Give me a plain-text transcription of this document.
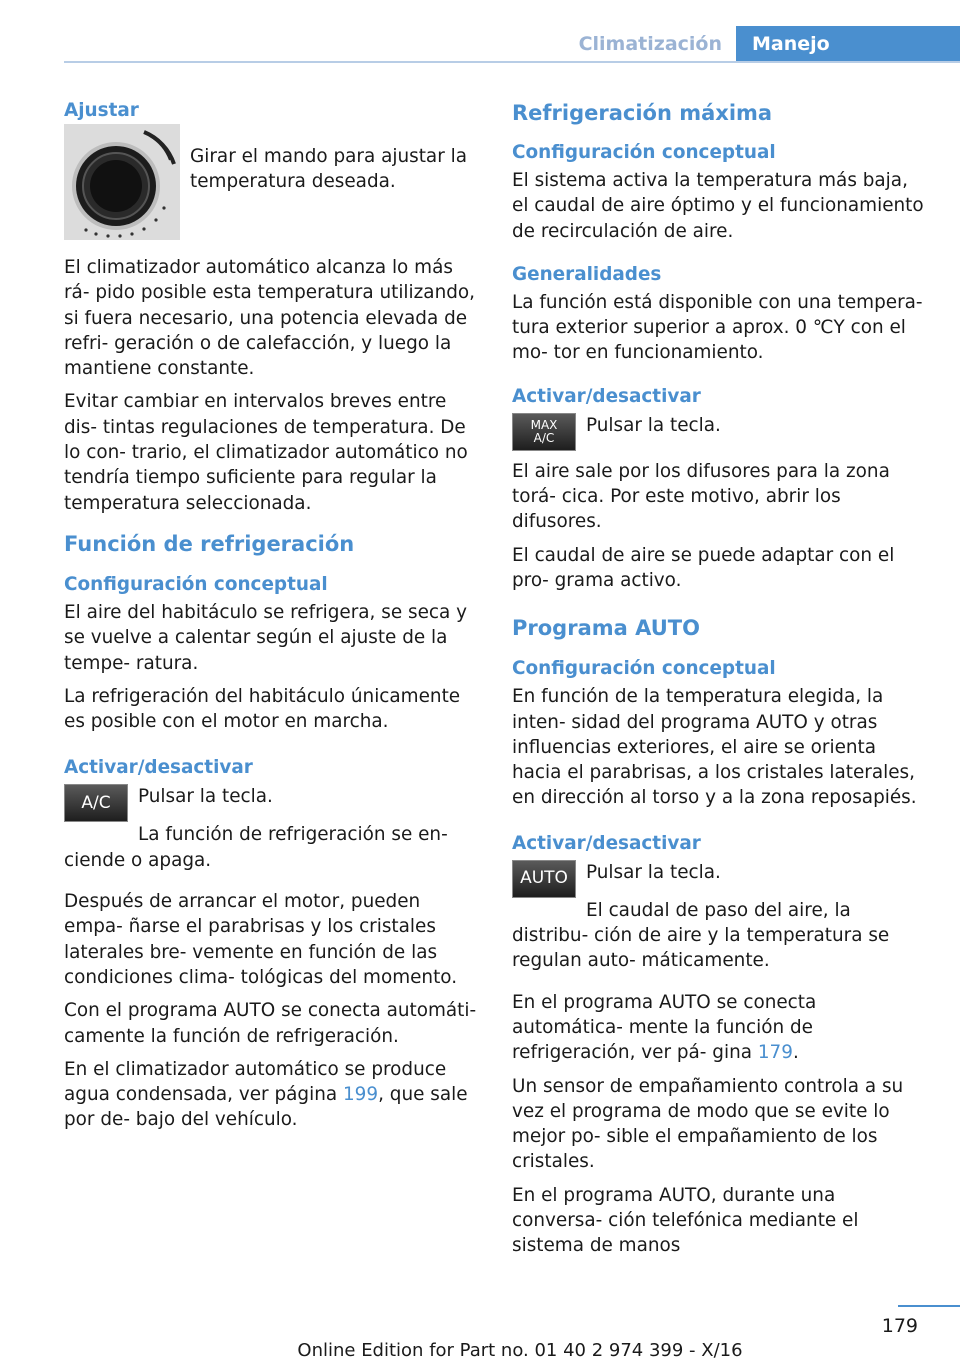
Climatización	Manejo
Ajustar
Girar el mando para ajustar la temperatura deseada.

El climatizador automático alcanza lo más rá‐ pido posible esta temperatura utilizando, si fuera necesario, una potencia elevada de refri‐ geración o de calefacción, y luego la mantiene constante.

Evitar cambiar en intervalos breves entre dis‐ tintas regulaciones de temperatura. De lo con‐ trario, el climatizador automático no tendría tiempo suficiente para regular la temperatura seleccionada.

Función de refrigeración
Configuración conceptual

El aire del habitáculo se refrigera, se seca y se vuelve a calentar según el ajuste de la tempe‐ ratura.

La refrigeración del habitáculo únicamente es posible con el motor en marcha.

Activar/desactivar
A/C	Pulsar la tecla.

La función de refrigeración se en‐ ciende o apaga.

Después de arrancar el motor, pueden empa‐ ñarse el parabrisas y los cristales laterales bre‐ vemente en función de las condiciones clima‐ tológicas del momento.

Con el programa AUTO se conecta automáti‐ camente la función de refrigeración.

En el climatizador automático se produce agua condensada, ver página 199, que sale por de‐ bajo del vehículo.

Refrigeración máxima
Configuración conceptual

El sistema activa la temperatura más baja, el caudal de aire óptimo y el funcionamiento de recirculación de aire.

Generalidades

La función está disponible con una tempera‐ tura exterior superior a aprox. 0 ℃Y con el mo‐ tor en funcionamiento.

Activar/desactivar
MAX
A/C
Pulsar la tecla.

El aire sale por los difusores para la zona torá‐ cica. Por este motivo, abrir los difusores.

El caudal de aire se puede adaptar con el pro‐ grama activo.

Programa AUTO
Configuración conceptual

En función de la temperatura elegida, la inten‐ sidad del programa AUTO y otras influencias exteriores, el aire se orienta hacia el parabrisas, a los cristales laterales, en dirección al torso y a la zona reposapiés.

Activar/desactivar
AUTO Pulsar la tecla.

El caudal de paso del aire, la distribu‐ ción de aire y la temperatura se regulan auto‐ máticamente.

En el programa AUTO se conecta automática‐ mente la función de refrigeración, ver pá‐ gina 179.

Un sensor de empañamiento controla a su vez el programa de modo que se evite lo mejor po‐ sible el empañamiento de los cristales.

En el programa AUTO, durante una conversa‐ ción telefónica mediante el sistema de manos

179
Online Edition for Part no. 01 40 2 974 399 - X/16
